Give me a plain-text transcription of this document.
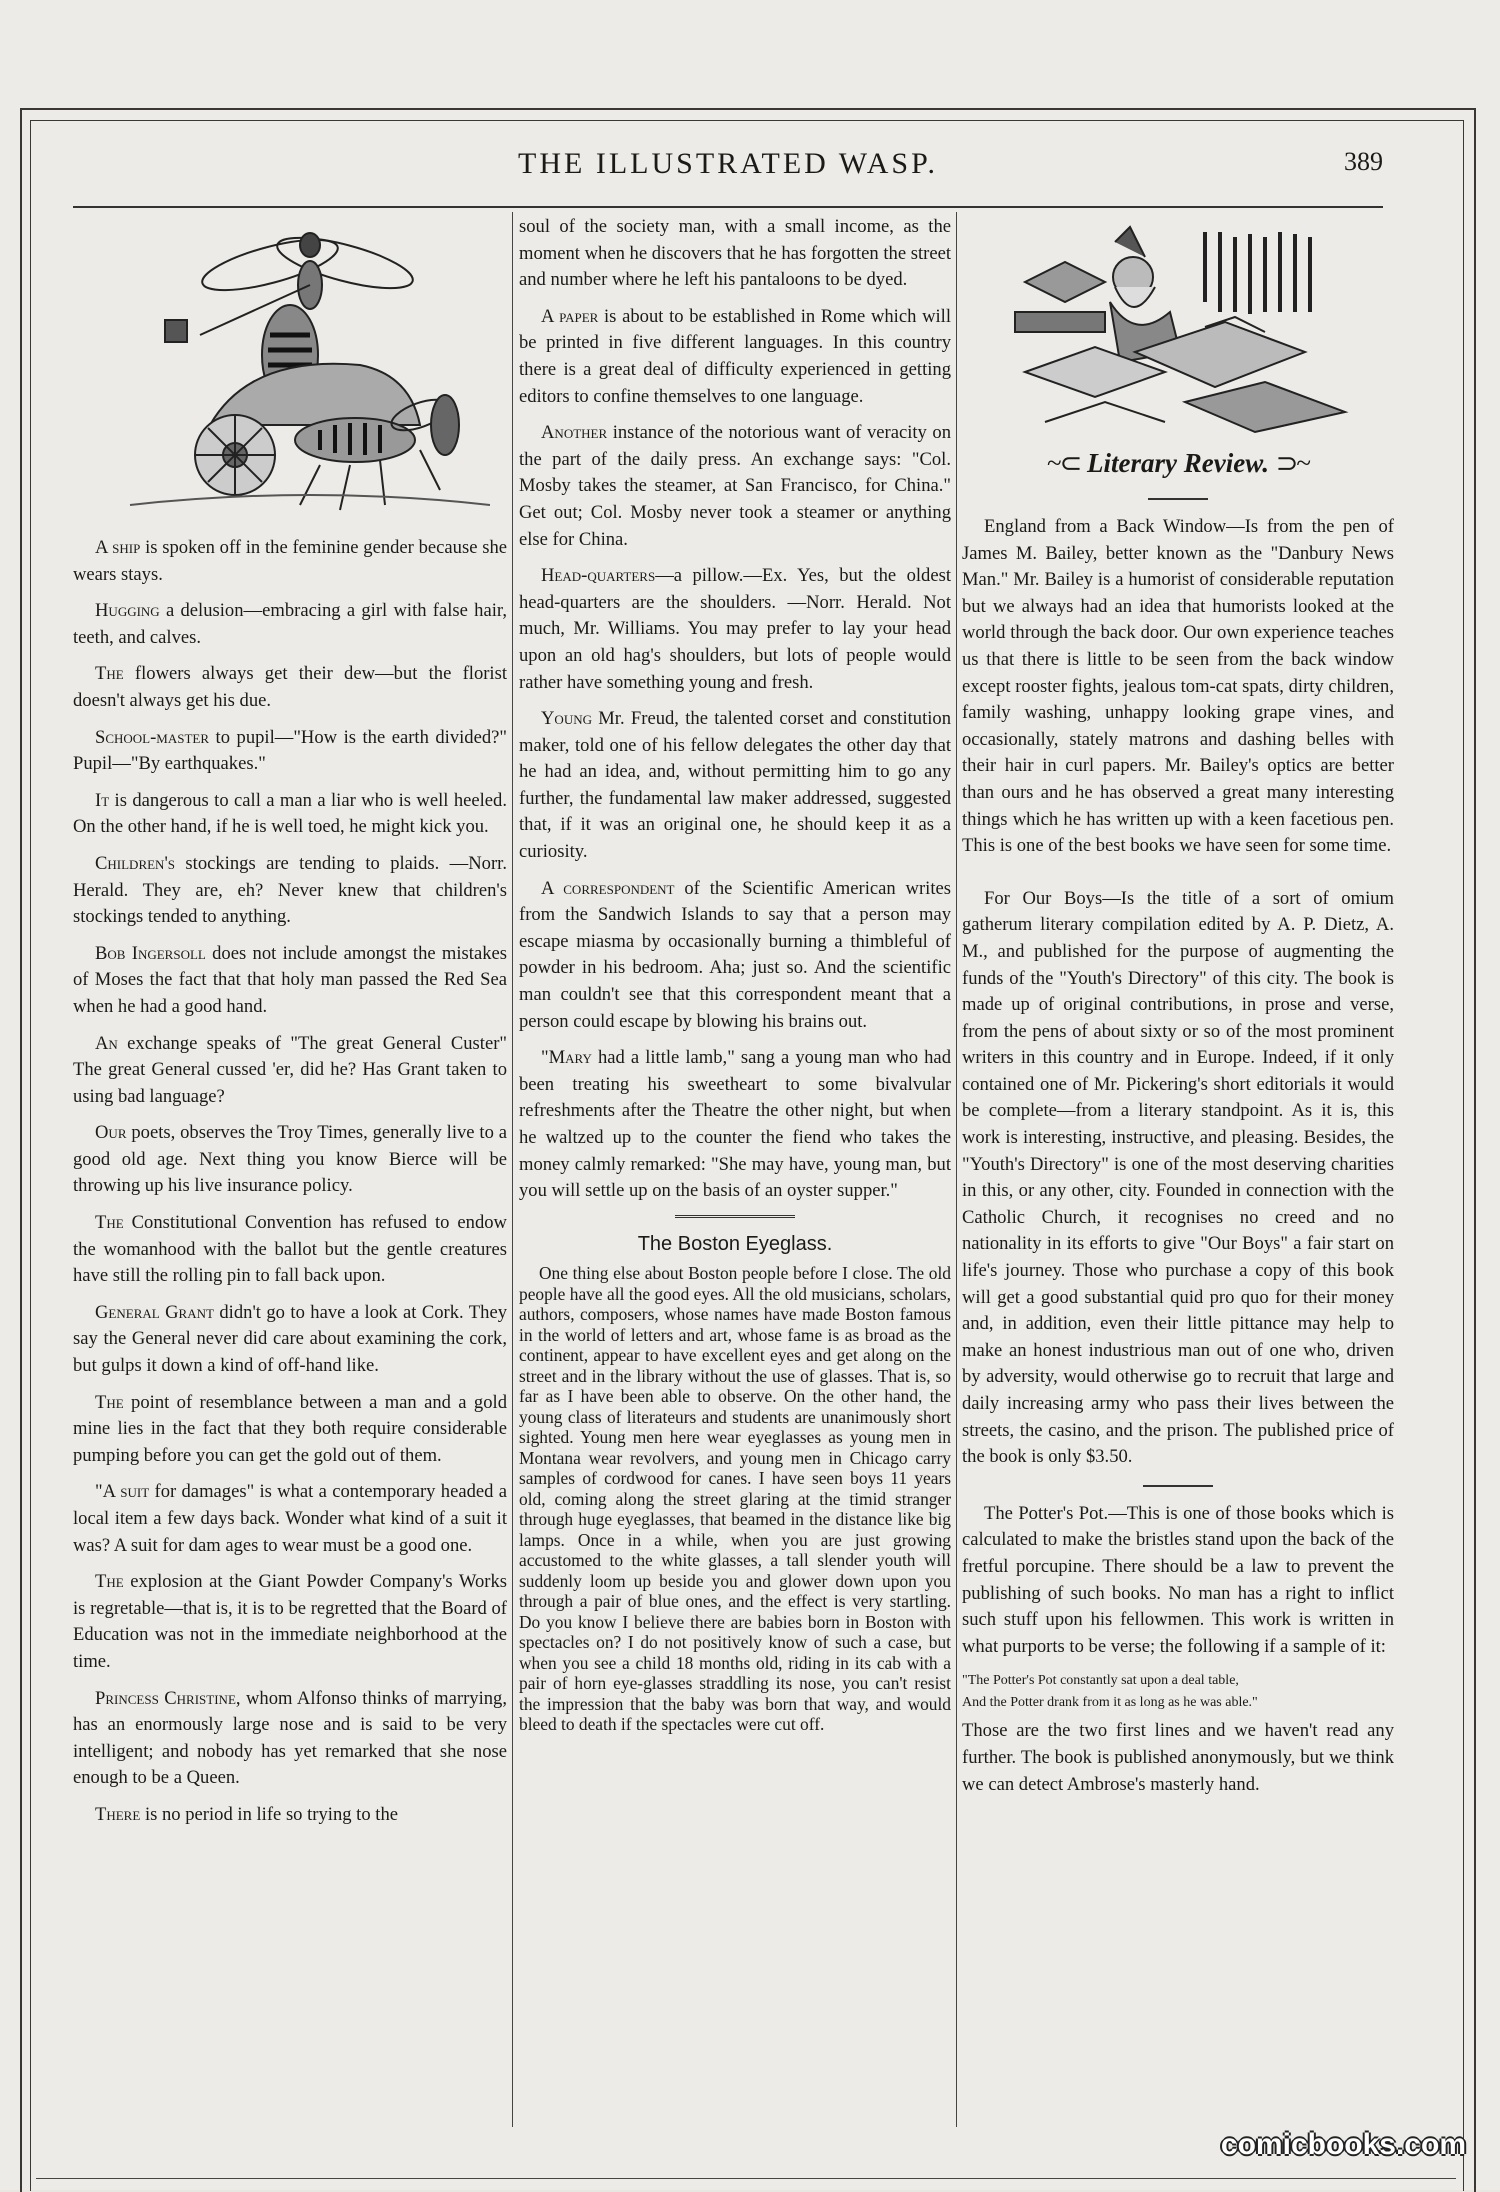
THE ILLUSTRATED WASP.	389
~⊂ Literary Review. ⊃~

A ship is spoken off in the feminine gender because she wears stays.

Hugging a delusion—embracing a girl with false hair, teeth, and calves.

The flowers always get their dew—but the florist doesn't always get his due.

School-master to pupil—"How is the earth divided?" Pupil—"By earthquakes."

It is dangerous to call a man a liar who is well heeled. On the other hand, if he is well toed, he might kick you.

Children's stockings are tending to plaids. —Norr. Herald. They are, eh? Never knew that children's stockings tended to anything.

Bob Ingersoll does not include amongst the mistakes of Moses the fact that that holy man passed the Red Sea when he had a good hand.

An exchange speaks of "The great General Custer" The great General cussed 'er, did he? Has Grant taken to using bad language?

Our poets, observes the Troy Times, generally live to a good old age. Next thing you know Bierce will be throwing up his live insurance policy.

The Constitutional Convention has refused to endow the womanhood with the ballot but the gentle creatures have still the rolling pin to fall back upon.

General Grant didn't go to have a look at Cork. They say the General never did care about examining the cork, but gulps it down a kind of off-hand like.

The point of resemblance between a man and a gold mine lies in the fact that they both require considerable pumping before you can get the gold out of them.

"A suit for damages" is what a contemporary headed a local item a few days back. Wonder what kind of a suit it was? A suit for dam ages to wear must be a good one.

The explosion at the Giant Powder Company's Works is regretable—that is, it is to be regretted that the Board of Education was not in the immediate neighborhood at the time.

Princess Christine, whom Alfonso thinks of marrying, has an enormously large nose and is said to be very intelligent; and nobody has yet remarked that she nose enough to be a Queen.

There is no period in life so trying to the

soul of the society man, with a small income, as the moment when he discovers that he has forgotten the street and number where he left his pantaloons to be dyed.

A paper is about to be established in Rome which will be printed in five different languages. In this country there is a great deal of difficulty experienced in getting editors to confine themselves to one language.

Another instance of the notorious want of veracity on the part of the daily press. An exchange says: "Col. Mosby takes the steamer, at San Francisco, for China." Get out; Col. Mosby never took a steamer or anything else for China.

Head-quarters—a pillow.—Ex. Yes, but the oldest head-quarters are the shoulders. —Norr. Herald. Not much, Mr. Williams. You may prefer to lay your head upon an old hag's shoulders, but lots of people would rather have something young and fresh.

Young Mr. Freud, the talented corset and constitution maker, told one of his fellow delegates the other day that he had an idea, and, without permitting him to go any further, the fundamental law maker addressed, suggested that, if it was an original one, he should keep it as a curiosity.

A correspondent of the Scientific American writes from the Sandwich Islands to say that a person may escape miasma by occasionally burning a thimbleful of powder in his bedroom. Aha; just so. And the scientific man couldn't see that this correspondent meant that a person could escape by blowing his brains out.

"Mary had a little lamb," sang a young man who had been treating his sweetheart to some bivalvular refreshments after the Theatre the other night, but when he waltzed up to the counter the fiend who takes the money calmly remarked: "She may have, young man, but you will settle up on the basis of an oyster supper."

The Boston Eyeglass.

One thing else about Boston people before I close. The old people have all the good eyes. All the old musicians, scholars, authors, composers, whose names have made Boston famous in the world of letters and art, whose fame is as broad as the continent, appear to have excellent eyes and get along on the street and in the library without the use of glasses. That is, so far as I have been able to observe. On the other hand, the young class of literateurs and students are unanimously short sighted. Young men here wear eyeglasses as young men in Montana wear revolvers, and young men in Chicago carry samples of cordwood for canes. I have seen boys 11 years old, coming along the street glaring at the timid stranger through huge eyeglasses, that beamed in the distance like big lamps. Once in a while, when you are just growing accustomed to the white glasses, a tall slender youth will suddenly loom up beside you and glower down upon you through a pair of blue ones, and the effect is very startling. Do you know I believe there are babies born in Boston with spectacles on? I do not positively know of such a case, but when you see a child 18 months old, riding in its cab with a pair of horn eye-glasses straddling its nose, you can't resist the impression that the baby was born that way, and would bleed to death if the spectacles were cut off.

England from a Back Window—Is from the pen of James M. Bailey, better known as the "Danbury News Man." Mr. Bailey is a humorist of considerable reputation but we always had an idea that humorists looked at the world through the back door. Our own experience teaches us that there is little to be seen from the back window except rooster fights, jealous tom-cat spats, dirty children, family washing, unhappy looking grape vines, and occasionally, stately matrons and dashing belles with their hair in curl papers. Mr. Bailey's optics are better than ours and he has observed a great many interesting things which he has written up with a keen facetious pen. This is one of the best books we have seen for some time.

For Our Boys—Is the title of a sort of omium gatherum literary compilation edited by A. P. Dietz, A. M., and published for the purpose of augmenting the funds of the "Youth's Directory" of this city. The book is made up of original contributions, in prose and verse, from the pens of about sixty or so of the most prominent writers in this country and in Europe. Indeed, if it only contained one of Mr. Pickering's short editorials it would be complete—from a literary standpoint. As it is, this work is interesting, instructive, and pleasing. Besides, the "Youth's Directory" is one of the most deserving charities in this, or any other, city. Founded in connection with the Catholic Church, it recognises no creed and no nationality in its efforts to give "Our Boys" a fair start on life's journey. Those who purchase a copy of this book will get a good substantial quid pro quo for their money and, in addition, even their little pittance may help to make an honest industrious man out of one who, driven by adversity, would otherwise go to recruit that large and daily increasing army who pass their lives between the streets, the casino, and the prison. The published price of the book is only $3.50.

The Potter's Pot.—This is one of those books which is calculated to make the bristles stand upon the back of the fretful porcupine. There should be a law to prevent the publishing of such books. No man has a right to inflict such stuff upon his fellowmen. This work is written in what purports to be verse; the following if a sample of it:

"The Potter's Pot constantly sat upon a deal table,

And the Potter drank from it as long as he was able."

Those are the two first lines and we haven't read any further. The book is published anonymously, but we think we can detect Ambrose's masterly hand.

comicbooks.com
